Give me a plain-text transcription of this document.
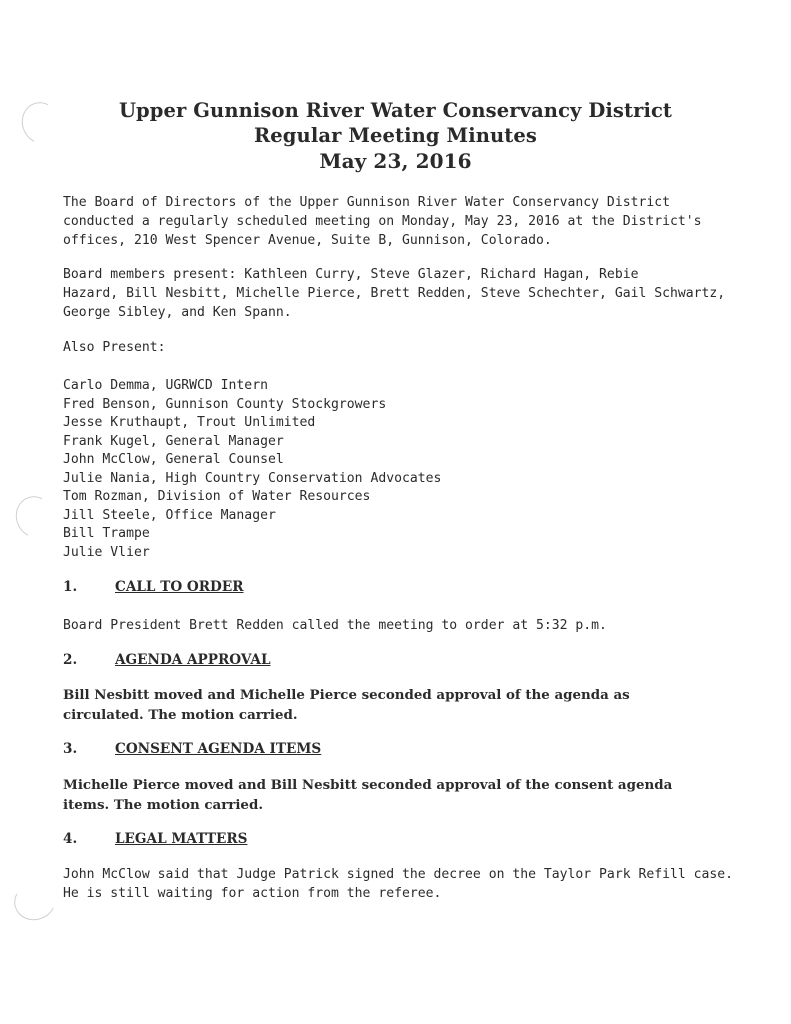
Upper Gunnison River Water Conservancy District
Regular Meeting Minutes
May 23, 2016

The Board of Directors of the Upper Gunnison River Water Conservancy District
conducted a regularly scheduled meeting on Monday, May 23, 2016 at the District's
offices, 210 West Spencer Avenue, Suite B, Gunnison, Colorado.

Board members present: Kathleen Curry, Steve Glazer, Richard Hagan, Rebie
Hazard, Bill Nesbitt, Michelle Pierce, Brett Redden, Steve Schechter, Gail Schwartz,
George Sibley, and Ken Spann.

Also Present:

Carlo Demma, UGRWCD Intern
Fred Benson, Gunnison County Stockgrowers
Jesse Kruthaupt, Trout Unlimited
Frank Kugel, General Manager
John McClow, General Counsel
Julie Nania, High Country Conservation Advocates
Tom Rozman, Division of Water Resources
Jill Steele, Office Manager
Bill Trampe
Julie Vlier
1.	CALL TO ORDER

Board President Brett Redden called the meeting to order at 5:32 p.m.

2.	AGENDA APPROVAL

Bill Nesbitt moved and Michelle Pierce seconded approval of the agenda as
circulated. The motion carried.

3.	CONSENT AGENDA ITEMS

Michelle Pierce moved and Bill Nesbitt seconded approval of the consent agenda
items. The motion carried.

4.	LEGAL MATTERS

John McClow said that Judge Patrick signed the decree on the Taylor Park Refill case.
He is still waiting for action from the referee.
